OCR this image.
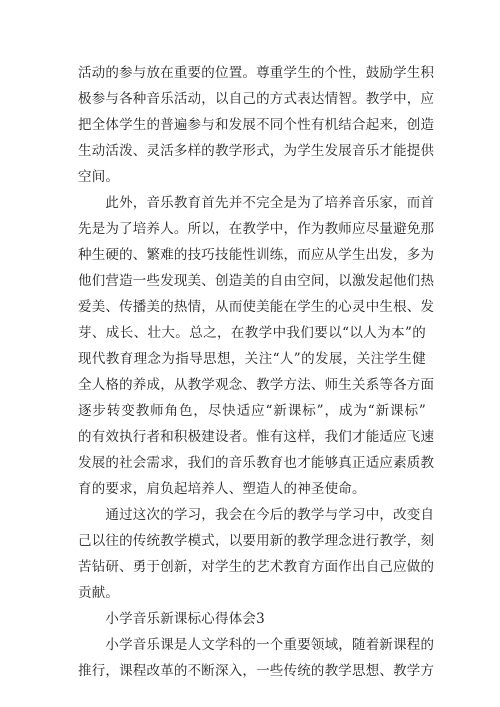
活动的参与放在重要的位置。尊重学生的个性，鼓励学生积
极参与各种音乐活动，以自己的方式表达情智。教学中，应
把全体学生的普遍参与和发展不同个性有机结合起来，创造
生动活泼、灵活多样的教学形式，为学生发展音乐才能提供
空间。
　　此外，音乐教育首先并不完全是为了培养音乐家，而首
先是为了培养人。所以，在教学中，作为教师应尽量避免那
种生硬的、繁难的技巧技能性训练，而应从学生出发，多为
他们营造一些发现美、创造美的自由空间，以激发起他们热
爱美、传播美的热情，从而使美能在学生的心灵中生根、发
芽、成长、壮大。总之，在教学中我们要以“以人为本”的
现代教育理念为指导思想，关注“人”的发展，关注学生健
全人格的养成，从教学观念、教学方法、师生关系等各方面
逐步转变教师角色，尽快适应“新课标”，成为“新课标”
的有效执行者和积极建设者。惟有这样，我们才能适应飞速
发展的社会需求，我们的音乐教育也才能够真正适应素质教
育的要求，肩负起培养人、塑造人的神圣使命。
　　通过这次的学习，我会在今后的教学与学习中，改变自
己以往的传统教学模式，以要用新的教学理念进行教学，刻
苦钻研、勇于创新，对学生的艺术教育方面作出自己应做的
贡献。
　　小学音乐新课标心得体会3
　　小学音乐课是人文学科的一个重要领域，随着新课程的
推行，课程改革的不断深入，一些传统的教学思想、教学方
